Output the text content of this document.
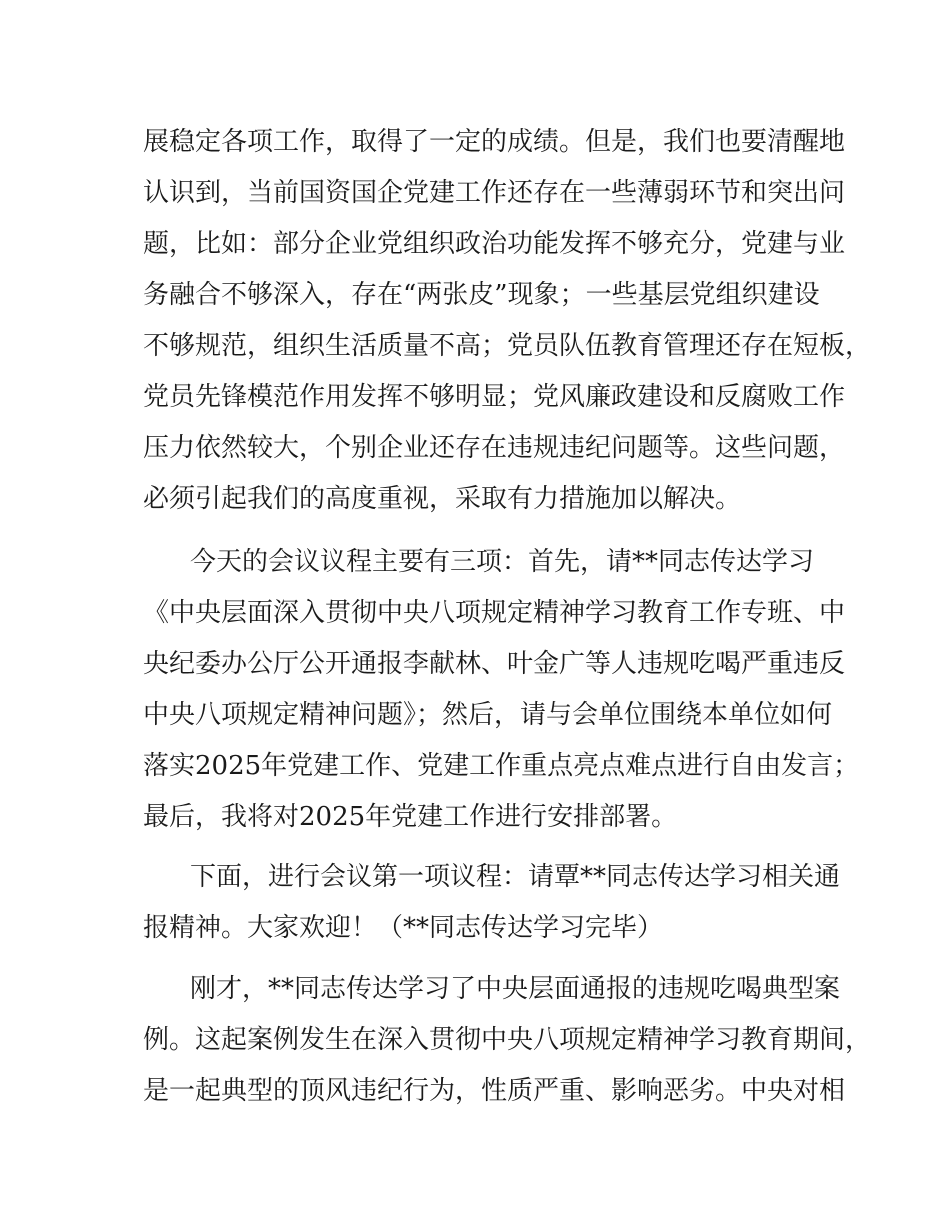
展稳定各项工作，取得了一定的成绩。但是，我们也要清醒地
认识到，当前国资国企党建工作还存在一些薄弱环节和突出问
题，比如：部分企业党组织政治功能发挥不够充分，党建与业
务融合不够深入，存在“两张皮”现象；一些基层党组织建设
不够规范，组织生活质量不高；党员队伍教育管理还存在短板，
党员先锋模范作用发挥不够明显；党风廉政建设和反腐败工作
压力依然较大，个别企业还存在违规违纪问题等。这些问题，
必须引起我们的高度重视，采取有力措施加以解决。
今天的会议议程主要有三项：首先，请**同志传达学习
《中央层面深入贯彻中央八项规定精神学习教育工作专班、中
央纪委办公厅公开通报李献林、叶金广等人违规吃喝严重违反
中央八项规定精神问题》；然后，请与会单位围绕本单位如何
落实2025年党建工作、党建工作重点亮点难点进行自由发言；
最后，我将对2025年党建工作进行安排部署。
下面，进行会议第一项议程：请覃**同志传达学习相关通
报精神。大家欢迎！（**同志传达学习完毕）
刚才，**同志传达学习了中央层面通报的违规吃喝典型案
例。这起案例发生在深入贯彻中央八项规定精神学习教育期间，
是一起典型的顶风违纪行为，性质严重、影响恶劣。中央对相
